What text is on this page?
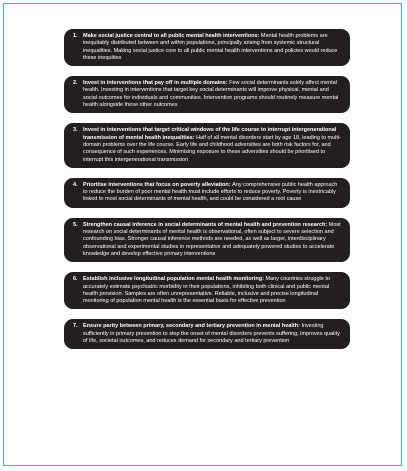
1. Make social justice central to all public mental health interventions: Mental health problems are inequitably distributed between and within populations, principally arising from systemic structural inequalities. Making social justice core to all public mental health interventions and policies would reduce these inequities

2. Invest in interventions that pay off in multiple domains: Few social determinants solely affect mental health. Investing in interventions that target key social determinants will improve physical, mental and social outcomes for individuals and communities. Intervention programs should routinely measure mental health alongside these other outcomes

3. Invest in interventions that target critical windows of the life course to interrupt intergenerational transmission of mental health inequalities: Half of all mental disorders start by age 18, leading to multi-domain problems over the life course. Early life and childhood adversities are both risk factors for, and consequence of such experiences. Minimising exposure to these adversities should be prioritised to interrupt this intergenerational transmission

4. Prioritise interventions that focus on poverty alleviation: Any comprehensive public health approach to reduce the burden of poor mental health must include efforts to reduce poverty. Poverty is inextricably linked to most social determinants of mental health, and could be considered a root cause

5. Strengthen causal inference in social determinants of mental health and prevention research: Most research on social determinants of mental health is observational, often subject to severe selection and confounding bias. Stronger causal inference methods are needed, as well as larger, interdisciplinary observational and experimental studies in representative and adequately powered studies to accelerate knowledge and develop effective primary interventions

6. Establish inclusive longitudinal population mental health monitoring: Many countries struggle to accurately estimate psychiatric morbidity in their populations, inhibiting both clinical and public mental health provision. Samples are often unrepresentative. Reliable, inclusive and precise longitudinal monitoring of population mental health is the essential basis for effective prevention

7. Ensure parity between primary, secondary and tertiary prevention in mental health: Investing sufficiently in primary prevention to stop the onset of mental disorders prevents suffering, improves quality of life, societal outcomes, and reduces demand for secondary and tertiary prevention
